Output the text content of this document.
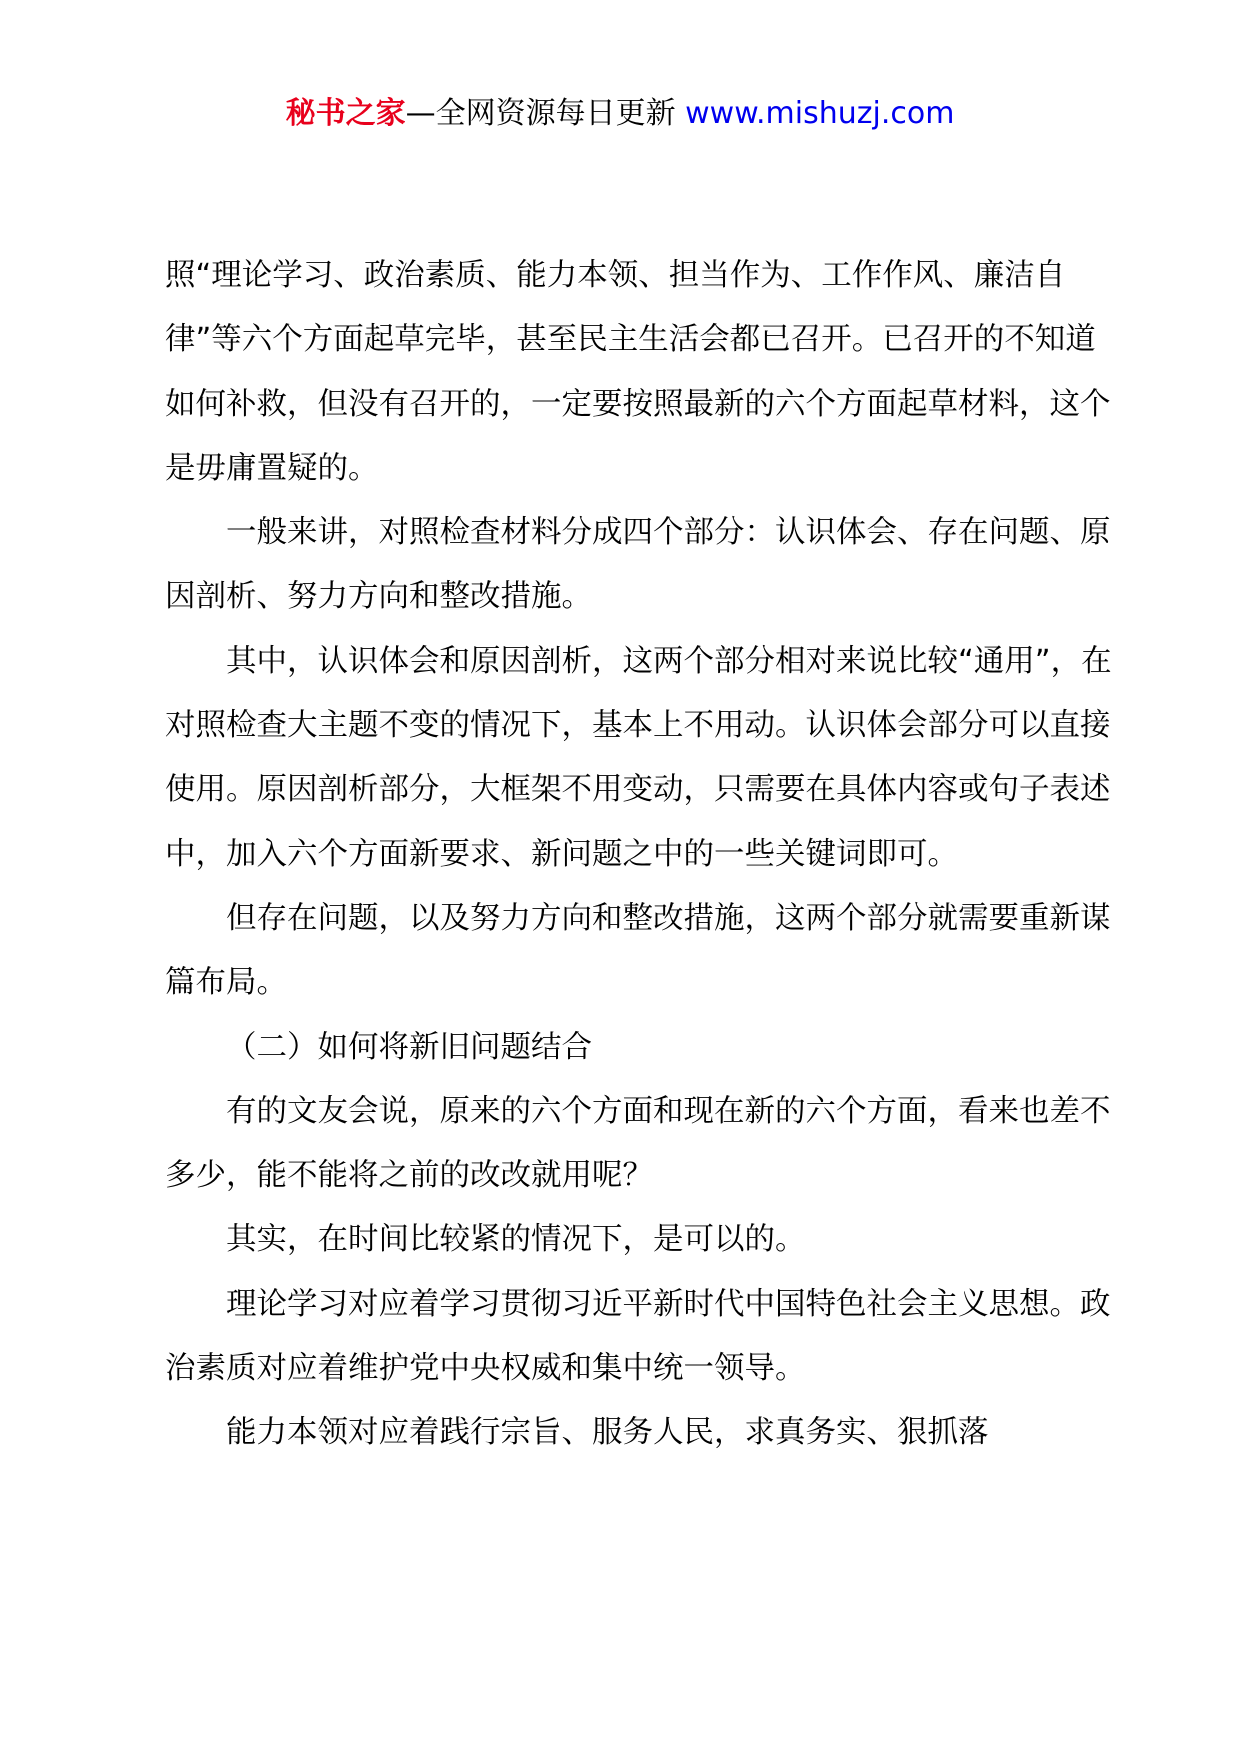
秘书之家—全网资源每日更新 www.mishuzj.com

照“理论学习、政治素质、能力本领、担当作为、工作作风、廉洁自律”等六个方面起草完毕，甚至民主生活会都已召开。已召开的不知道如何补救，但没有召开的，一定要按照最新的六个方面起草材料，这个是毋庸置疑的。

一般来讲，对照检查材料分成四个部分：认识体会、存在问题、原因剖析、努力方向和整改措施。

其中，认识体会和原因剖析，这两个部分相对来说比较“通用”，在对照检查大主题不变的情况下，基本上不用动。认识体会部分可以直接使用。原因剖析部分，大框架不用变动，只需要在具体内容或句子表述中，加入六个方面新要求、新问题之中的一些关键词即可。

但存在问题，以及努力方向和整改措施，这两个部分就需要重新谋篇布局。

（二）如何将新旧问题结合

有的文友会说，原来的六个方面和现在新的六个方面，看来也差不多少，能不能将之前的改改就用呢？

其实，在时间比较紧的情况下，是可以的。

理论学习对应着学习贯彻习近平新时代中国特色社会主义思想。政治素质对应着维护党中央权威和集中统一领导。

能力本领对应着践行宗旨、服务人民，求真务实、狠抓落
